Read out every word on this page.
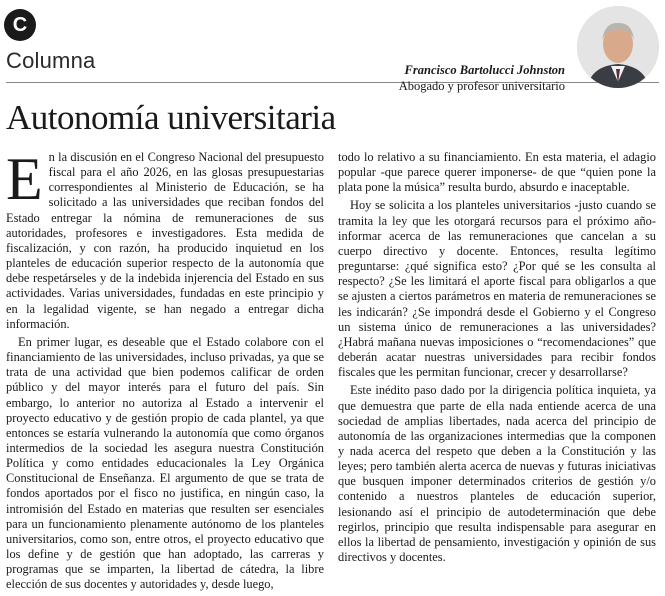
C
Columna	Francisco Bartolucci Johnston
Abogado y profesor universitario
Autonomía universitaria

En la discusión en el Congreso Nacional del presupuesto fiscal para el año 2026, en las glosas presupuestarias correspondientes al Ministerio de Educación, se ha solicitado a las universidades que reciban fondos del Estado entregar la nómina de remuneraciones de sus autoridades, profesores e investigadores. Esta medida de fiscalización, y con razón, ha producido inquietud en los planteles de educación superior respecto de la autonomía que debe respetárseles y de la indebida injerencia del Estado en sus actividades. Varias universidades, fundadas en este principio y en la legalidad vigente, se han negado a entregar dicha información.

En primer lugar, es deseable que el Estado colabore con el financiamiento de las universidades, incluso privadas, ya que se trata de una actividad que bien podemos calificar de orden público y del mayor interés para el futuro del país. Sin embargo, lo anterior no autoriza al Estado a intervenir el proyecto educativo y de gestión propio de cada plantel, ya que entonces se estaría vulnerando la autonomía que como órganos intermedios de la sociedad les asegura nuestra Constitución Política y como entidades educacionales la Ley Orgánica Constitucional de Enseñanza. El argumento de que se trata de fondos aportados por el fisco no justifica, en ningún caso, la intromisión del Estado en materias que resulten ser esenciales para un funcionamiento plenamente autónomo de los planteles universitarios, como son, entre otros, el proyecto educativo que los define y de gestión que han adoptado, las carreras y programas que se imparten, la libertad de cátedra, la libre elección de sus docentes y autoridades y, desde luego,

todo lo relativo a su financiamiento. En esta materia, el adagio popular -que parece querer imponerse- de que “quien pone la plata pone la música” resulta burdo, absurdo e inaceptable.

Hoy se solicita a los planteles universitarios -justo cuando se tramita la ley que les otorgará recursos para el próximo año- informar acerca de las remuneraciones que cancelan a su cuerpo directivo y docente. Entonces, resulta legítimo preguntarse: ¿qué significa esto? ¿Por qué se les consulta al respecto? ¿Se les limitará el aporte fiscal para obligarlos a que se ajusten a ciertos parámetros en materia de remuneraciones se les indicarán? ¿Se impondrá desde el Gobierno y el Congreso un sistema único de remuneraciones a las universidades? ¿Habrá mañana nuevas imposiciones o “recomendaciones” que deberán acatar nuestras universidades para recibir fondos fiscales que les permitan funcionar, crecer y desarrollarse?

Este inédito paso dado por la dirigencia política inquieta, ya que demuestra que parte de ella nada entiende acerca de una sociedad de amplias libertades, nada acerca del principio de autonomía de las organizaciones intermedias que la componen y nada acerca del respeto que deben a la Constitución y las leyes; pero también alerta acerca de nuevas y futuras iniciativas que busquen imponer determinados criterios de gestión y/o contenido a nuestros planteles de educación superior, lesionando así el principio de autodeterminación que debe regirlos, principio que resulta indispensable para asegurar en ellos la libertad de pensamiento, investigación y opinión de sus directivos y docentes.
